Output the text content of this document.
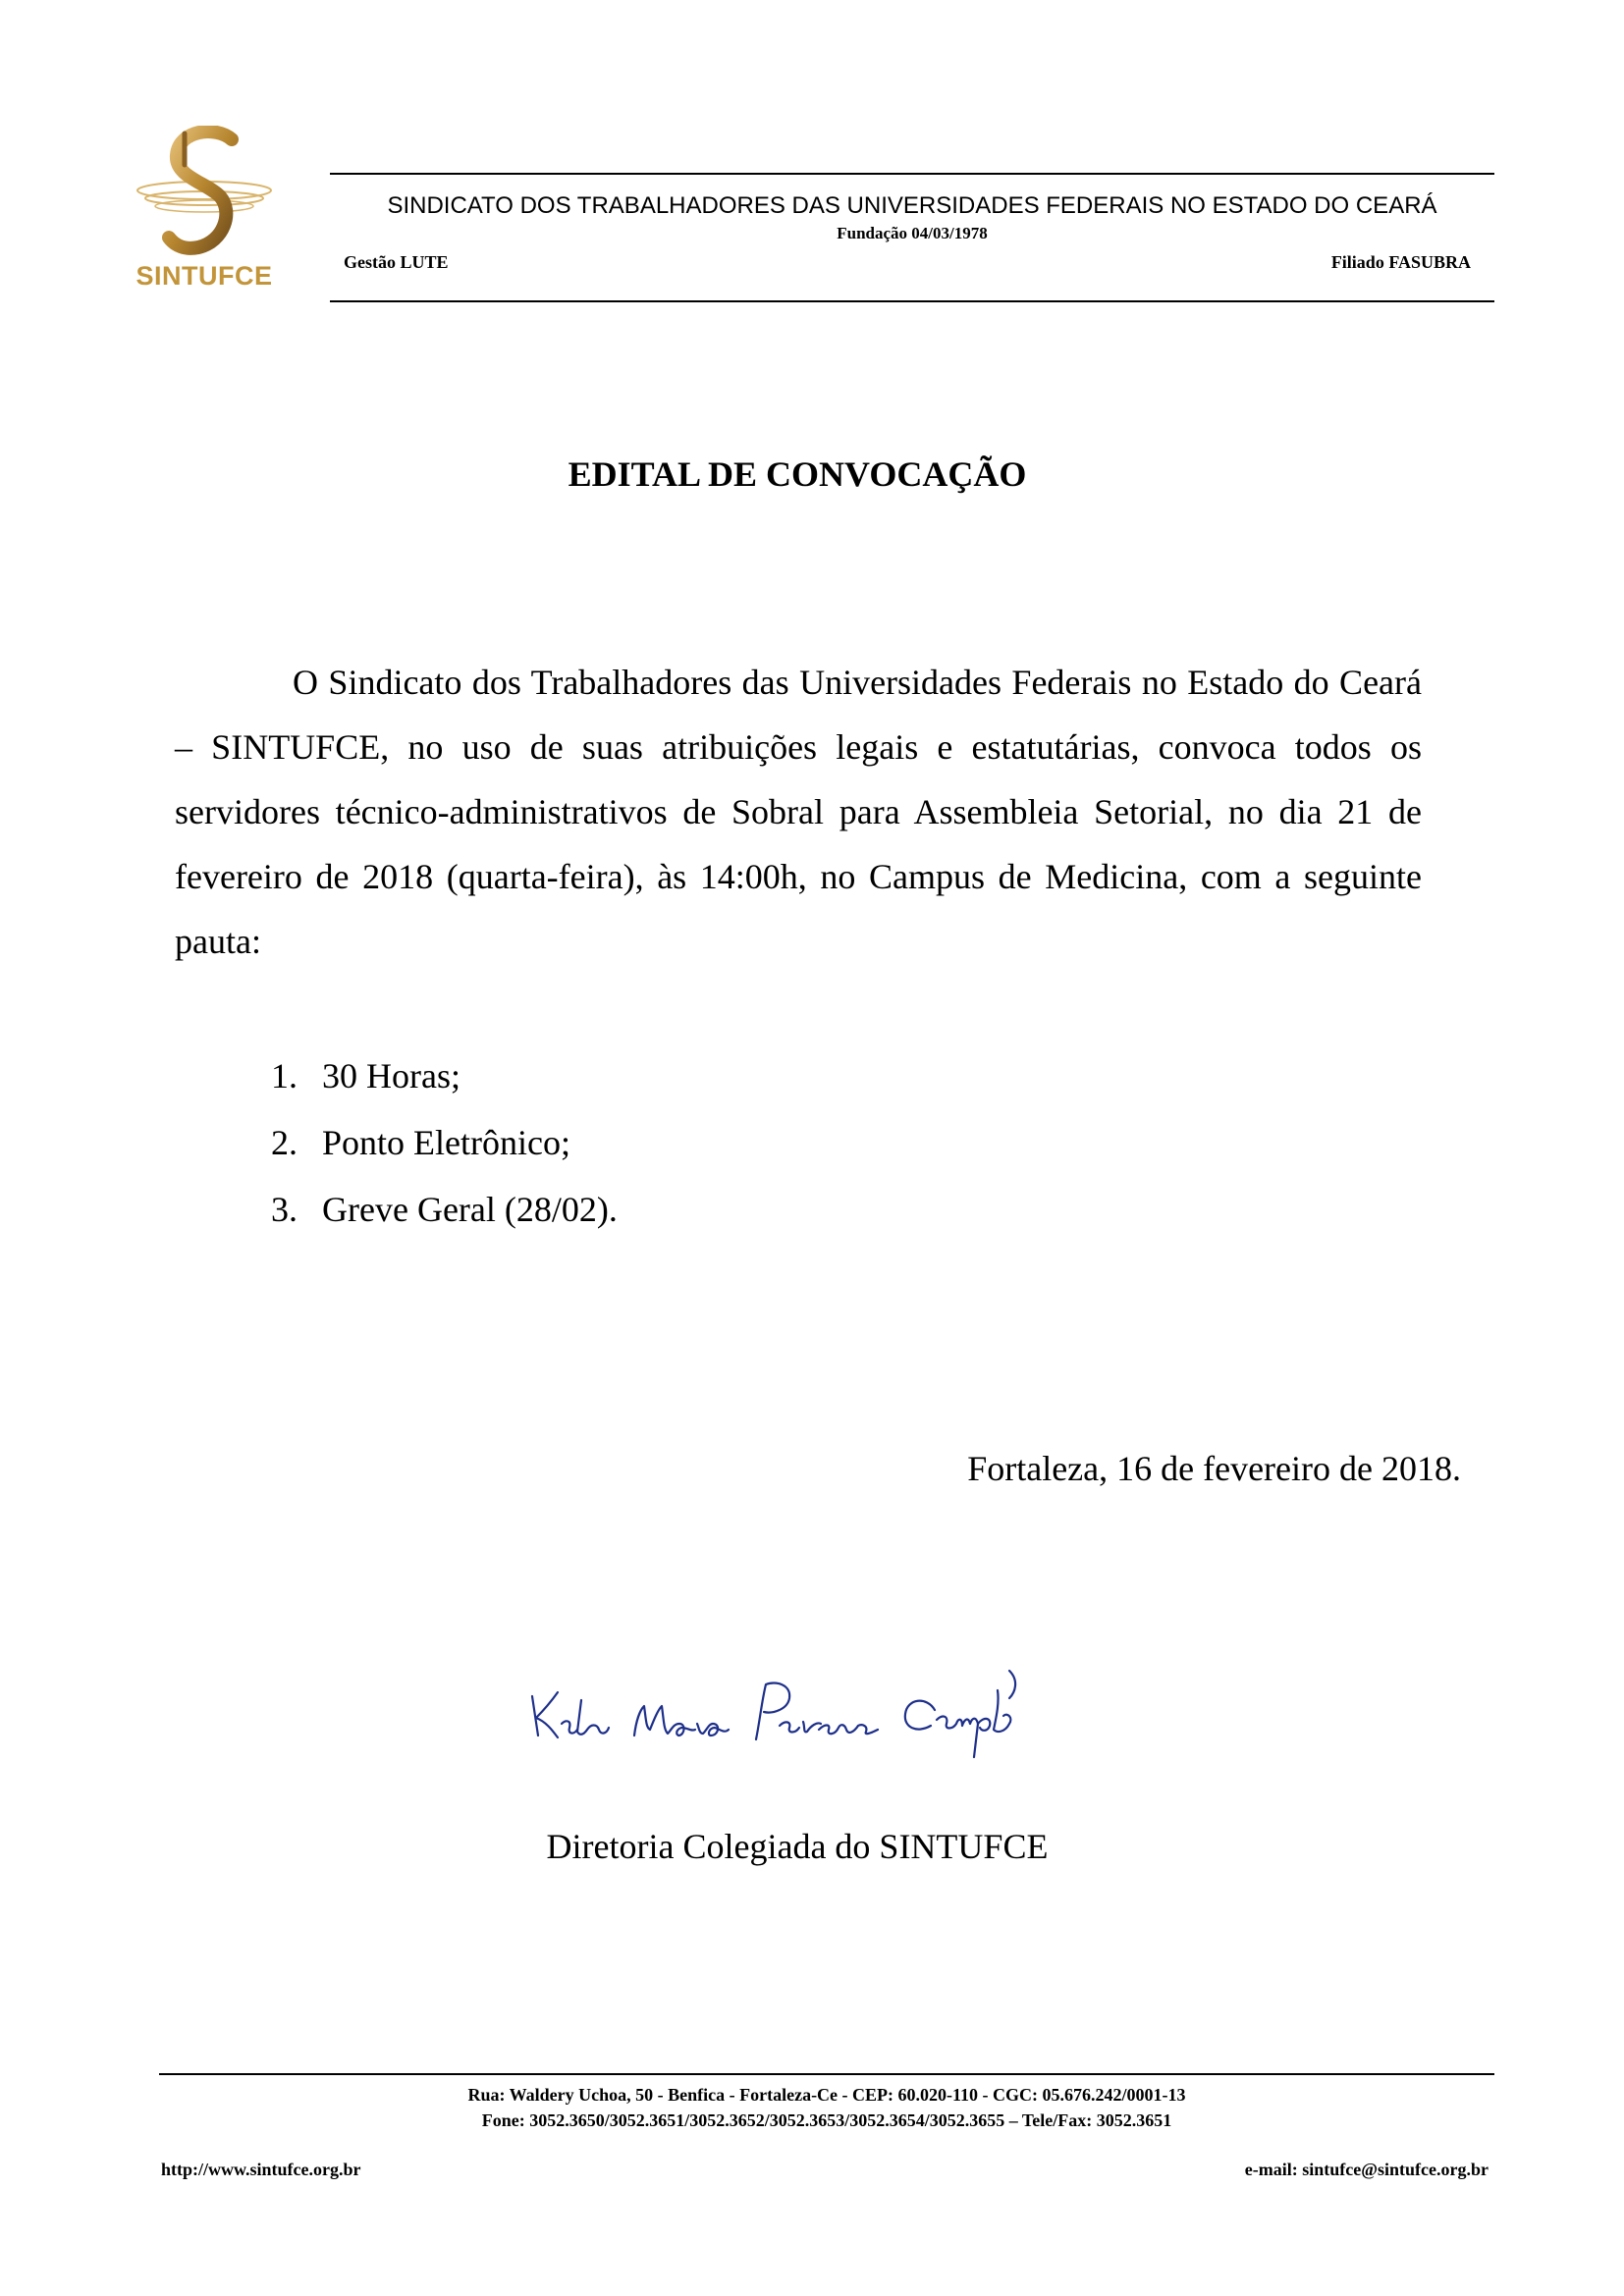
SINTUFCE
SINDICATO DOS TRABALHADORES DAS UNIVERSIDADES FEDERAIS NO ESTADO DO CEARÁ
Fundação 04/03/1978
Gestão LUTE	Filiado FASUBRA
EDITAL DE CONVOCAÇÃO

O Sindicato dos Trabalhadores das Universidades Federais no Estado do Ceará – SINTUFCE, no uso de suas atribuições legais e estatutárias, convoca todos os servidores técnico-administrativos de Sobral para Assembleia Setorial, no dia 21 de fevereiro de 2018 (quarta-feira), às 14:00h, no Campus de Medicina, com a seguinte pauta:

1. 30 Horas;
2. Ponto Eletrônico;
3. Greve Geral (28/02).
Fortaleza, 16 de fevereiro de 2018.
Diretoria Colegiada do SINTUFCE
Rua: Waldery Uchoa, 50 - Benfica - Fortaleza-Ce - CEP: 60.020-110 - CGC: 05.676.242/0001-13
Fone: 3052.3650/3052.3651/3052.3652/3052.3653/3052.3654/3052.3655 – Tele/Fax: 3052.3651
http://www.sintufce.org.br	e-mail: sintufce@sintufce.org.br
